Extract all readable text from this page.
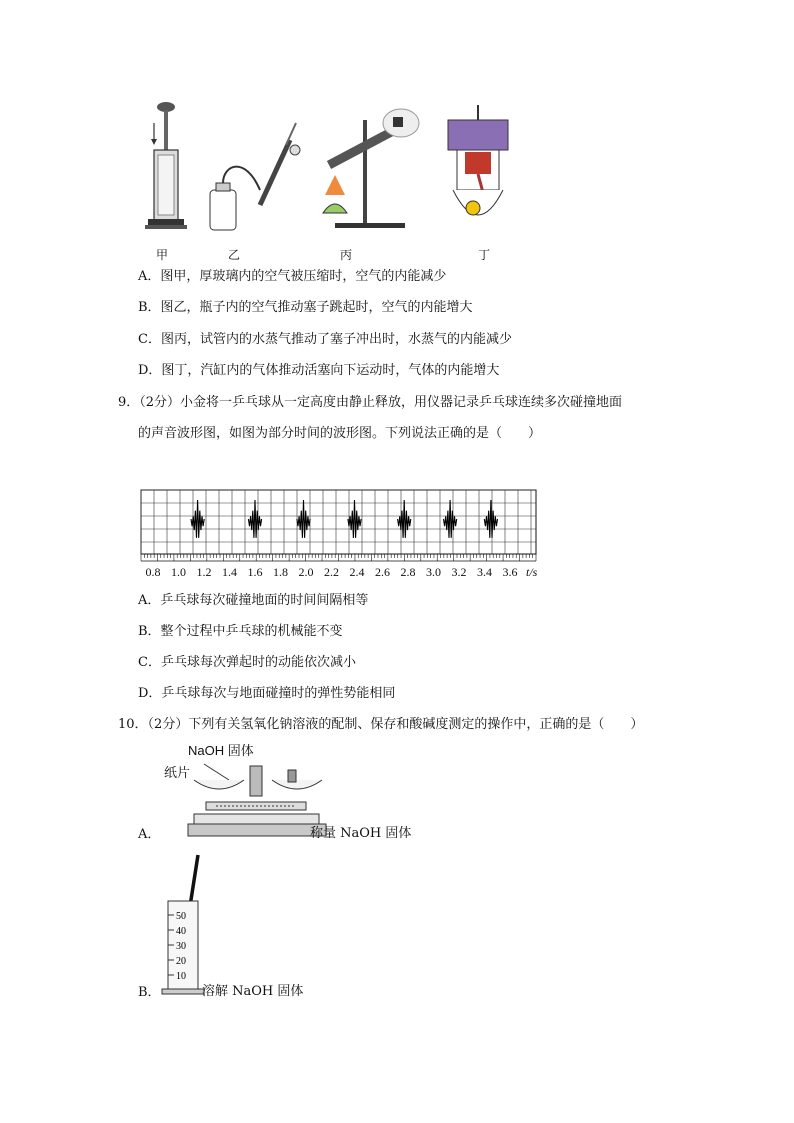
甲	乙	丙	丁
A．图甲，厚玻璃内的空气被压缩时，空气的内能减少
B．图乙，瓶子内的空气推动塞子跳起时，空气的内能增大
C．图丙，试管内的水蒸气推动了塞子冲出时，水蒸气的内能减少
D．图丁，汽缸内的气体推动活塞向下运动时，气体的内能增大
9．（2分）小金将一乒乓球从一定高度由静止释放，用仪器记录乒乓球连续多次碰撞地面
的声音波形图，如图为部分时间的波形图。下列说法正确的是（　　）
0.8 1.0 1.2 1.4 1.6 1.8 2.0 2.2 2.4 2.6 2.8 3.0 3.2 3.4 3.6 t/s
A．乒乓球每次碰撞地面的时间间隔相等
B．整个过程中乒乓球的机械能不变
C．乒乓球每次弹起时的动能依次减小
D．乒乓球每次与地面碰撞时的弹性势能相同
10．（2分）下列有关氢氧化钠溶液的配制、保存和酸碱度测定的操作中，正确的是（　　）
NaOH 固体
纸片
A．	称量 NaOH 固体
50
40
30
20
10
B．	溶解 NaOH 固体
